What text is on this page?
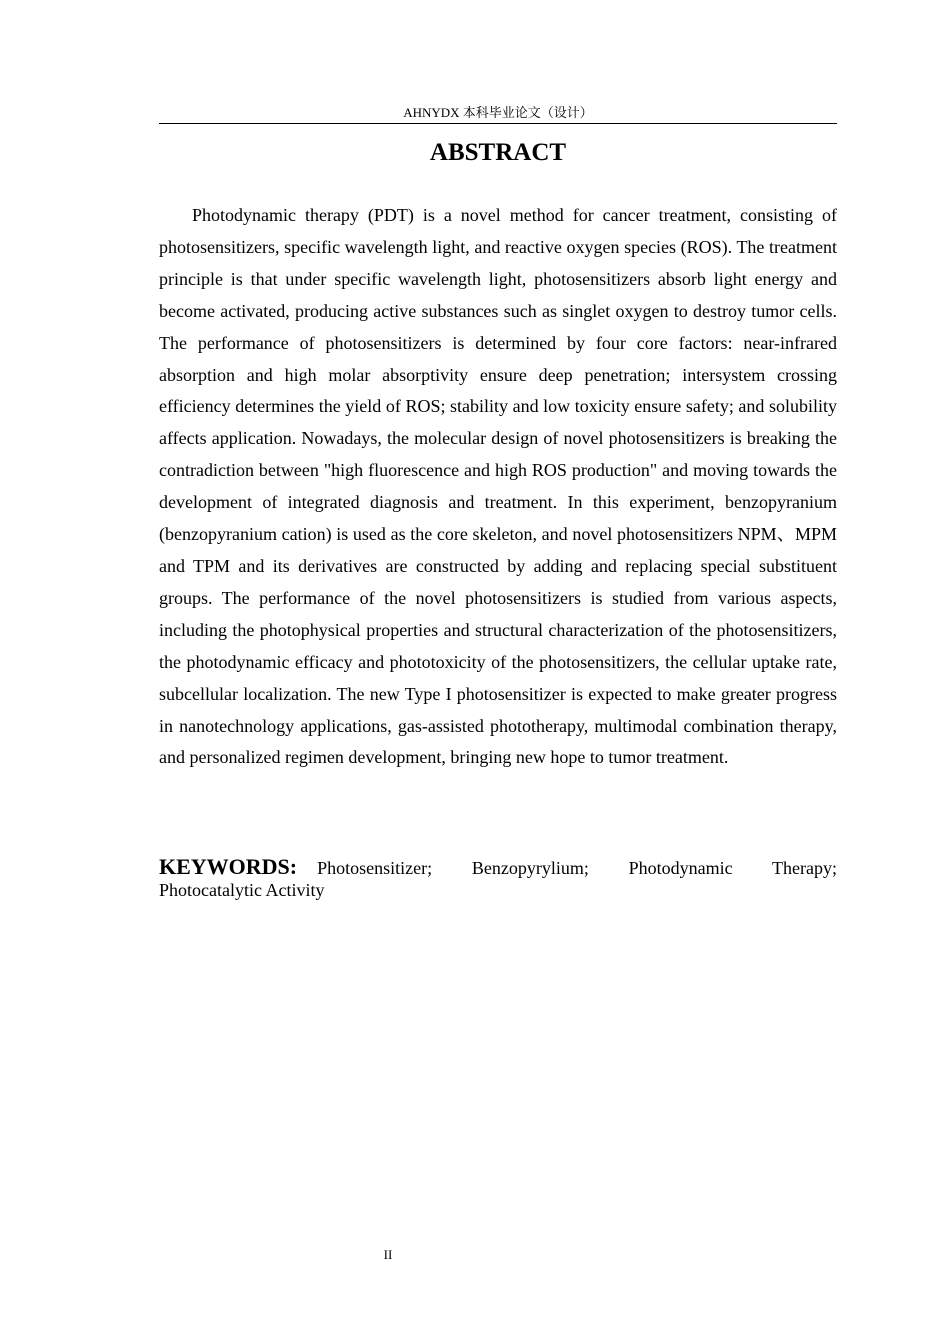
AHNYDX 本科毕业论文（设计）
ABSTRACT

Photodynamic therapy (PDT) is a novel method for cancer treatment, consisting of photosensitizers, specific wavelength light, and reactive oxygen species (ROS). The treatment principle is that under specific wavelength light, photosensitizers absorb light energy and become activated, producing active substances such as singlet oxygen to destroy tumor cells. The performance of photosensitizers is determined by four core factors: near-infrared absorption and high molar absorptivity ensure deep penetration; intersystem crossing efficiency determines the yield of ROS; stability and low toxicity ensure safety; and solubility affects application. Nowadays, the molecular design of novel photosensitizers is breaking the contradiction between "high fluorescence and high ROS production" and moving towards the development of integrated diagnosis and treatment. In this experiment, benzopyranium (benzopyranium cation) is used as the core skeleton, and novel photosensitizers NPM、MPM and TPM and its derivatives are constructed by adding and replacing special substituent groups. The performance of the novel photosensitizers is studied from various aspects, including the photophysical properties and structural characterization of the photosensitizers, the photodynamic efficacy and phototoxicity of the photosensitizers, the cellular uptake rate, subcellular localization. The new Type I photosensitizer is expected to make greater progress in nanotechnology applications, gas-assisted phototherapy, multimodal combination therapy, and personalized regimen development, bringing new hope to tumor treatment.

KEYWORDS: Photosensitizer; Benzopyrylium; Photodynamic Therapy; Photocatalytic Activity

II
